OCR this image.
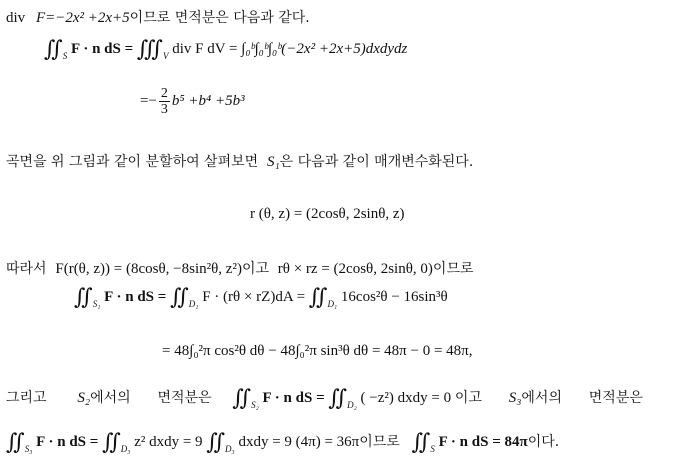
div F=−2x² +2x+5이므로 면적분은 다음과 같다.
∬ $_S$ F · n dS = ∭ $_V$ div F dV = ∫₀ᵇ∫₀ᵇ∫₀ᵇ(−2x² +2x+5)dxdydz
=− $\frac{2}{3} b^5 +b^4 +5b^3$
곡면을 위 그림과 같이 분할하여 살펴보면 S₁은 다음과 같이 매개변수화된다.
r (θ, z) = (2cosθ, 2sinθ, z)
따라서 F(r(θ, z)) = (8cosθ, −8sin²θ, z²)이고 rθ × rz = (2cosθ, 2sinθ, 0)이므로
∬ $_{S_1}$ F · n dS = ∬ $_{D_1}$ F · (rθ × rZ)dA = ∬ $_{D_1}$ 16cos²θ − 16sin³θ
= 48∫₀²π cos²θ dθ − 48∫₀²π sin³θ dθ = 48π − 0 = 48π,
그리고 S₂에서의 면적분은 ∬ $_{S_2}$ F · n dS = ∬ $_{D_2}$ ( −z²) dxdy = 0 이고 S₃에서의 면적분은
∬ $_{S_3}$ F · n dS = ∬ $_{D_3}$ z² dxdy = 9 ∬ $_{D_3}$ dxdy = 9 (4π) = 36π이므로 ∬ $_S$ F · n dS = 84π이다.
